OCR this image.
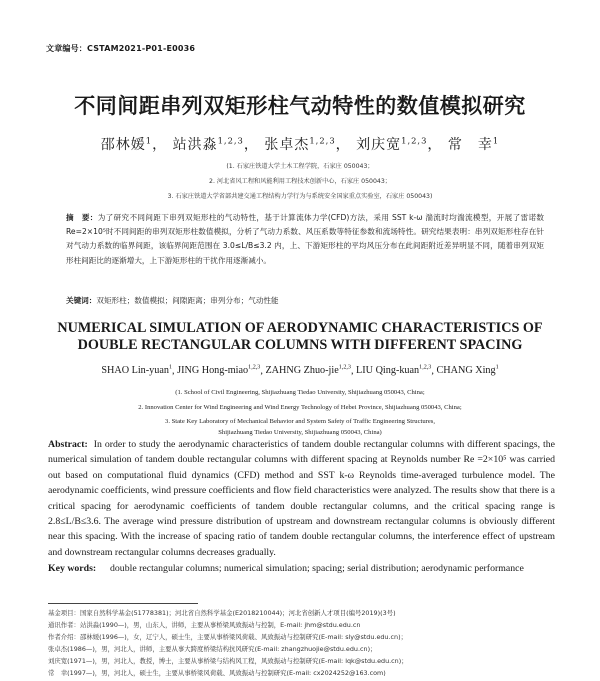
文章编号：CSTAM2021-P01-E0036
不同间距串列双矩形柱气动特性的数值模拟研究
邵林媛$^1$， 站洪淼$^{1,2,3}$， 张卓杰$^{1,2,3}$， 刘庆宽$^{1,2,3}$， 常　幸$^1$
(1. 石家庄铁道大学土木工程学院，石家庄 050043；
2. 河北省风工程和风能利用工程技术创新中心，石家庄 050043；
3. 石家庄铁道大学省部共建交通工程结构力学行为与系统安全国家重点实验室，石家庄 050043)
摘　要：为了研究不同间距下串列双矩形柱的气动特性，基于计算流体力学(CFD)方法，采用 SST k-ω 湍流时均湍流模型，开展了雷诺数 Re=2×10⁵时不同间距的串列双矩形柱数值模拟，分析了气动力系数、风压系数等特征参数和流场特性。研究结果表明：串列双矩形柱存在针对气动力系数的临界间距，该临界间距范围在 3.0≤L/B≤3.2 内，上、下游矩形柱的平均风压分布在此间距附近差异明显不同，随着串列双矩形柱间距比的逐渐增大，上下游矩形柱的干扰作用逐渐减小。
关键词：双矩形柱；数值模拟；间隙距离；串列分布；气动性能
NUMERICAL SIMULATION OF AERODYNAMIC CHARACTERISTICS OF
DOUBLE RECTANGULAR COLUMNS WITH DIFFERENT SPACING
SHAO Lin-yuan$^1$, JING Hong-miao$^{1,2,3}$, ZAHNG Zhuo-jie$^{1,2,3}$, LIU Qing-kuan$^{1,2,3}$, CHANG Xing$^1$
(1. School of Civil Engineering, Shijiazhuang Tiedao University, Shijiazhuang 050043, China;
2. Innovation Center for Wind Engineering and Wind Energy Technology of Hebei Province, Shijiazhuang 050043, China;
3. State Key Laboratory of Mechanical Behavior and System Safety of Traffic Engineering Structures,
Shijiazhuang Tiedao University, Shijiazhuang 050043, China)
Abstract: In order to study the aerodynamic characteristics of tandem double rectangular columns with different spacings, the numerical simulation of tandem double rectangular columns with different spacing at Reynolds number Re =2×10⁵ was carried out based on computational fluid dynamics (CFD) method and SST k-ω Reynolds time-averaged turbulence model. The aerodynamic coefficients, wind pressure coefficients and flow field characteristics were analyzed. The results show that there is a critical spacing for aerodynamic coefficients of tandem double rectangular columns, and the critical spacing range is 2.8≤L/B≤3.6. The average wind pressure distribution of upstream and downstream rectangular columns is obviously different near this spacing. With the increase of spacing ratio of tandem double rectangular columns, the interference effect of upstream and downstream rectangular columns decreases gradually.
Key words: double rectangular columns; numerical simulation; spacing; serial distribution; aerodynamic performance
基金项目：国家自然科学基金(51778381)；河北省自然科学基金(E2018210044)；河北省创新人才项目(编号2019)(3号)
通讯作者：站洪淼(1990—)，男，山东人，讲师，主要从事桥梁风致振动与控制，E-mail: jhm@stdu.edu.cn
作者介绍：邵林媛(1996—)，女，辽宁人，硕士生，主要从事桥梁风荷载、风致振动与控制研究(E-mail: sly@stdu.edu.cn)；
张卓杰(1986—)，男，河北人，讲师，主要从事大跨度桥梁结构抗风研究(E-mail: zhangzhuojie@stdu.edu.cn)；
刘庆宽(1971—)，男，河北人，教授，博士，主要从事桥梁与结构风工程，风致振动与控制研究(E-mail: lqk@stdu.edu.cn)；
常　幸(1997—)，男，河北人，硕士生，主要从事桥梁风荷载、风致振动与控制研究(E-mail: cx2024252@163.com)
